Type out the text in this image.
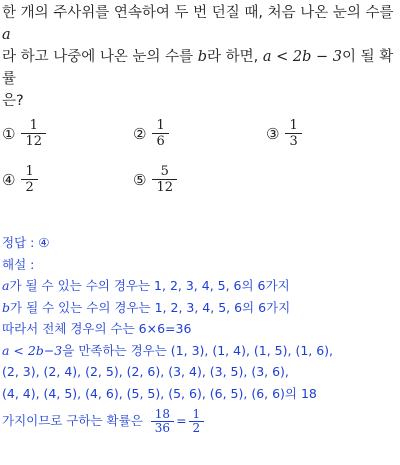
한 개의 주사위를 연속하여 두 번 던질 때, 처음 나온 눈의 수를 a
라 하고 나중에 나온 눈의 수를 b라 하면, a < 2b − 3이 될 확률
은?
① $\frac{1}{12}$	② $\frac{1}{6}$	③ $\frac{1}{3}$
④ $\frac{1}{2}$	⑤ $\frac{5}{12}$
정답 : ④
해설 :
a가 될 수 있는 수의 경우는 1, 2, 3, 4, 5, 6의 6가지
b가 될 수 있는 수의 경우는 1, 2, 3, 4, 5, 6의 6가지
따라서 전체 경우의 수는 6×6=36
a < 2b−3을 만족하는 경우는 (1, 3), (1, 4), (1, 5), (1, 6),
(2, 3), (2, 4), (2, 5), (2, 6), (3, 4), (3, 5), (3, 6),
(4, 4), (4, 5), (4, 6), (5, 5), (5, 6), (6, 5), (6, 6)의 18
가지이므로 구하는 확률은 $\frac{18}{36} = \frac{1}{2}$
